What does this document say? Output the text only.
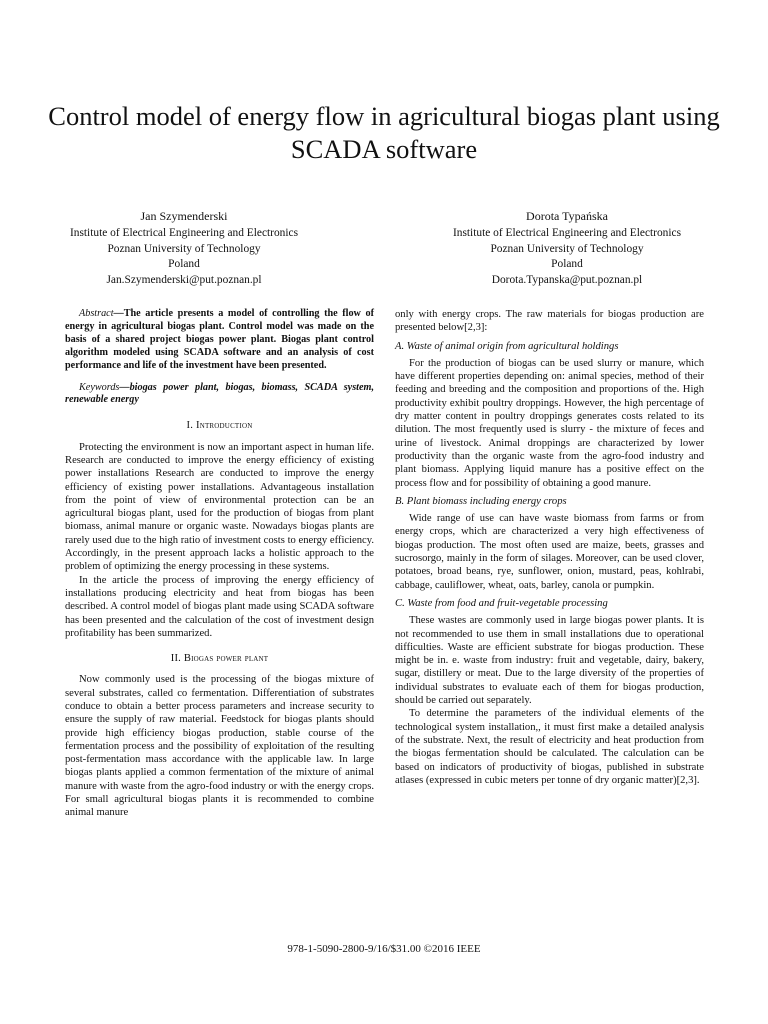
Control model of energy flow in agricultural biogas plant using SCADA software
Jan Szymenderski
Institute of Electrical Engineering and Electronics
Poznan University of Technology
Poland
Jan.Szymenderski@put.poznan.pl
Dorota Typańska
Institute of Electrical Engineering and Electronics
Poznan University of Technology
Poland
Dorota.Typanska@put.poznan.pl

Abstract—The article presents a model of controlling the flow of energy in agricultural biogas plant. Control model was made on the basis of a shared project biogas power plant. Biogas plant control algorithm modeled using SCADA software and an analysis of cost performance and life of the investment have been presented.

Keywords—biogas power plant, biogas, biomass, SCADA system, renewable energy

I. Introduction

Protecting the environment is now an important aspect in human life. Research are conducted to improve the energy efficiency of existing power installations Research are conducted to improve the energy efficiency of existing power installations. Advantageous installation from the point of view of environmental protection can be an agricultural biogas plant, used for the production of biogas from plant biomass, animal manure or organic waste. Nowadays biogas plants are rarely used due to the high ratio of investment costs to energy efficiency. Accordingly, in the present approach lacks a holistic approach to the problem of optimizing the energy processing in these systems.

In the article the process of improving the energy efficiency of installations producing electricity and heat from biogas has been described. A control model of biogas plant made using SCADA software has been presented and the calculation of the cost of investment design profitability has been summarized.

II. Biogas power plant

Now commonly used is the processing of the biogas mixture of several substrates, called co fermentation. Differentiation of substrates conduce to obtain a better process parameters and increase security to ensure the supply of raw material. Feedstock for biogas plants should provide high efficiency biogas production, stable course of the fermentation process and the possibility of exploitation of the resulting post-fermentation mass accordance with the applicable law. In large biogas plants applied a common fermentation of the mixture of animal manure with waste from the agro-food industry or with the energy crops. For small agricultural biogas plants it is recommended to combine animal manure

only with energy crops. The raw materials for biogas production are presented below[2,3]:

A. Waste of animal origin from agricultural holdings

For the production of biogas can be used slurry or manure, which have different properties depending on: animal species, method of their feeding and breeding and the composition and proportions of the. High productivity exhibit poultry droppings. However, the high percentage of dry matter content in poultry droppings generates costs related to its dilution. The most frequently used is slurry - the mixture of feces and urine of livestock. Animal droppings are characterized by lower productivity than the organic waste from the agro-food industry and plant biomass. Applying liquid manure has a positive effect on the process flow and for possibility of obtaining a good manure.

B. Plant biomass including energy crops

Wide range of use can have waste biomass from farms or from energy crops, which are characterized a very high effectiveness of biogas production. The most often used are maize, beets, grasses and sucrosorgo, mainly in the form of silages. Moreover, can be used clover, potatoes, broad beans, rye, sunflower, onion, mustard, peas, kohlrabi, cabbage, cauliflower, wheat, oats, barley, canola or pumpkin.

C. Waste from food and fruit-vegetable processing

These wastes are commonly used in large biogas power plants. It is not recommended to use them in small installations due to operational difficulties. Waste are efficient substrate for biogas production. These might be in. e. waste from industry: fruit and vegetable, dairy, bakery, sugar, distillery or meat. Due to the large diversity of the properties of individual substrates to evaluate each of them for biogas production, should be carried out separately.

To determine the parameters of the individual elements of the technological system installation,, it must first make a detailed analysis of the substrate. Next, the result of electricity and heat production from the biogas fermentation should be calculated. The calculation can be based on indicators of productivity of biogas, published in substrate atlases (expressed in cubic meters per tonne of dry organic matter)[2,3].

978-1-5090-2800-9/16/$31.00 ©2016 IEEE
